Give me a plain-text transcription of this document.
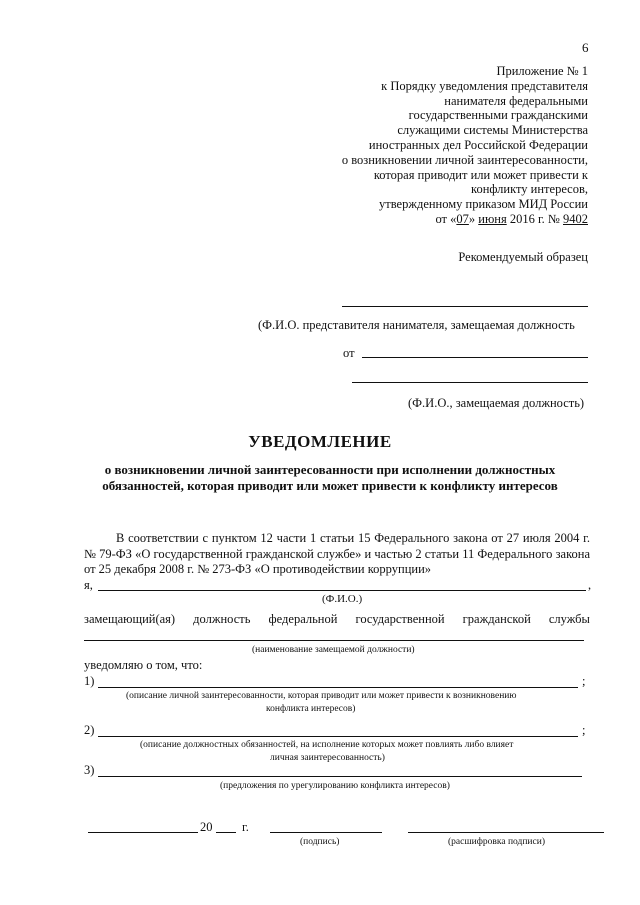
6
Приложение № 1
к Порядку уведомления представителя
нанимателя федеральными
государственными гражданскими
служащими системы Министерства
иностранных дел Российской Федерации
о возникновении личной заинтересованности,
которая приводит или может привести к
конфликту интересов,
утвержденному приказом МИД России
от «07» июня 2016 г. № 9402
Рекомендуемый образец
(Ф.И.О. представителя нанимателя, замещаемая должность
от
(Ф.И.О., замещаемая должность)
УВЕДОМЛЕНИЕ
о возникновении личной заинтересованности при исполнении должностных обязанностей, которая приводит или может привести к конфликту интересов

В соответствии с пунктом 12 части 1 статьи 15 Федерального закона от 27 июля 2004 г. № 79-ФЗ «О государственной гражданской службе» и частью 2 статьи 11 Федерального закона от 25 декабря 2008 г. № 273-ФЗ «О противодействии коррупции»

я,	,
(Ф.И.О.)
замещающий(ая) должность федеральной государственной гражданской службы
(наименование замещаемой должности)
уведомляю о том, что:
1)	;
(описание личной заинтересованности, которая приводит или может привести к возникновению
конфликта интересов)
2)	;
(описание должностных обязанностей, на исполнение которых может повлиять либо влияет
личная заинтересованность)
3)
(предложения по урегулированию конфликта интересов)
20 г.
(подпись)	(расшифровка подписи)
